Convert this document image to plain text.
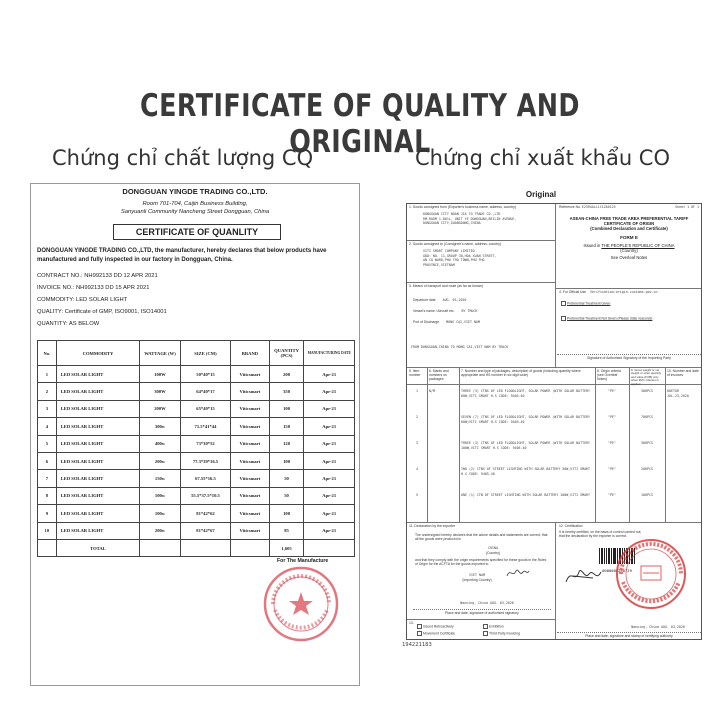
CERTIFICATE OF QUALITY AND ORIGINAL
Chứng chỉ chất lượng CQ	Chứng chỉ xuất khẩu CO
DONGGUAN YINGDE TRADING CO.,LTD.
Room 701-704, Caijin Business Building,
Sanyuanli Community Nancheng Street Dongguan, China
CERTIFICATE OF QUANLITY
DONGGUAN YINGDE TRADING CO.,LTD, the manufacturer, hereby declares that below products have manufactured and fully inspected in our factory in Dongguan, China.
CONTRACT NO.: NH992133 DD 12 APR 2021
INVOICE NO.: NH992133 DD 15 APR 2021
COMMODITY: LED SOLAR LIGHT
QUALITY: Certificate of GMP, ISO9001, ISO14001
QUANTITY: AS BELOW
No.	COMMODITY	WATTAGE (W)	SIZE (CM)	BRAND	QUANTITY (PCS)	MANUFACTURING DATE
1	LED SOLAR LIGHT	100W	50*40*15	Viticsmart	200	Apr-21
2	LED SOLAR LIGHT	300W	64*40*17	Viticsmart	350	Apr-21
3	LED SOLAR LIGHT	200W	65*40*15	Viticsmart	100	Apr-21
4	LED SOLAR LIGHT	300w	71.5*41*44	Viticsmart	150	Apr-21
5	LED SOLAR LIGHT	400w	73*30*52	Viticsmart	120	Apr-21
6	LED SOLAR LIGHT	200w	77.3*39*16.5	Viticsmart	100	Apr-21
7	LED SOLAR LIGHT	150w	67.55*16.5	Viticsmart	50	Apr-21
8	LED SOLAR LIGHT	100w	55.5*37.5*10.5	Viticsmart	50	Apr-21
9	LED SOLAR LIGHT	100w	81*42*62	Viticsmart	100	Apr-21
10	LED SOLAR LIGHT	200w	81*42*67	Viticsmart	85	Apr-21
	TOTAL				1,605	
For The Manufacture
Original
1. Goods consigned from (Exporter's business name, address, country)
DONGGUAN CITY NOAN JIA TO TRADE CO.,LTD
RM.ROOM 1-801L, UNIT YE DONGGUAN,BEILIN AVENUE,
DONGGUAN CITY,GUANGDONG,CHINA
Reference No. E2394ALL1C1ZA0125	Sheet 1 OF 1
ASEAN-CHINA FREE TRADE AREA PREFERENTIAL TARIFF CERTIFICATE OF ORIGIN
(Combined Declaration and Certificate)
FORM E
Issued in THE PEOPLE'S REPUBLIC OF CHINA
(Country)
See Overleaf Notes
2. Goods consigned to (Consignee's name, address, country)
VITI SMART COMPANY LIMITED
ADD: NO. 11,GROUP 30,HOA XUAN STREET,
AN CO WARD,PHU THO TOWN,PHU THO
PROVINCE,VIETNAM
3. Means of transport and route (as far as known)
Departure date AUG. 03,2020
Vessel's name / Aircraft etc. BY TRUCK
Port of Discharge MONG CAI,VIET NAM
FROM DONGGUAN,CHINA TO MONG CAI,VIET NAM BY TRUCK
4. For Official Use Verification:origin.customs.gov.cn
Preferential Treatment Given
Preferential Treatment Not Given (Please state reason/s)
Signature of Authorised Signatory of the Importing Party
5. Item number
6. Marks and numbers on packages
7. Number and type of packages, description of goods (including quantity where appropriate and HS number in six digit code)
8. Origin criteria (see Overleaf Notes)
9. Gross weight or net weight or other quantity and value (FOB) only when RVC criterion is applied
10. Number and date of invoices
1	N/M	THREE (3) CTNS OF LED FLOODLIGHT, SOLAR POWER (WITH SOLAR BATTERY 60W,VITI SMART H.S CODE: 9405.40
"PE"	300PCS	00ETOR JUL.23,2020
2	SEVEN (7) CTNS OF LED FLOODLIGHT, SOLAR POWER (WITH SOLAR BATTERY 60W)VITI SMART H.S CODE: 9405.40
"PE"	700PCS
3	THREE (3) CTNS OF LED FLOODLIGHT, SOLAR POWER (WITH SOLAR BATTERY 100W,VITI SMART H.S CODE: 9405.40
"PE"	300PCS
4	TWO (2) CTNS OF STREET LIGHTING WITH SOLAR BATTERY 50W,VITI SMART H.S CODE: 9405.40
"PE"	200PCS
5	ONE (1) CTN OF STREET LIGHTING WITH SOLAR BATTERY 100W,VITI SMART	"PE"	100PCS
11. Declaration by the exporter
The undersigned hereby declares that the above details and statements are correct; that all the goods were produced in
CHINA
(Country)
and that they comply with the origin requirements specified for these goods in the Rules of Origin for the ACFTA for the goods exported to
VIET NAM
(Importing Country)
Nanning, China AUG. 03,2020
Place and date, signature of authorised signatory
13.
Issued Retroactively	Exhibition
Movement Certificate	Third Party Invoicing
12. Certification
It is hereby certified, on the basis of control carried out, that the declaration by the exporter is correct.
Nanning, China AUG. 03,2020
Place and date, signature and stamp of certifying authority
000008S258729
194221183
